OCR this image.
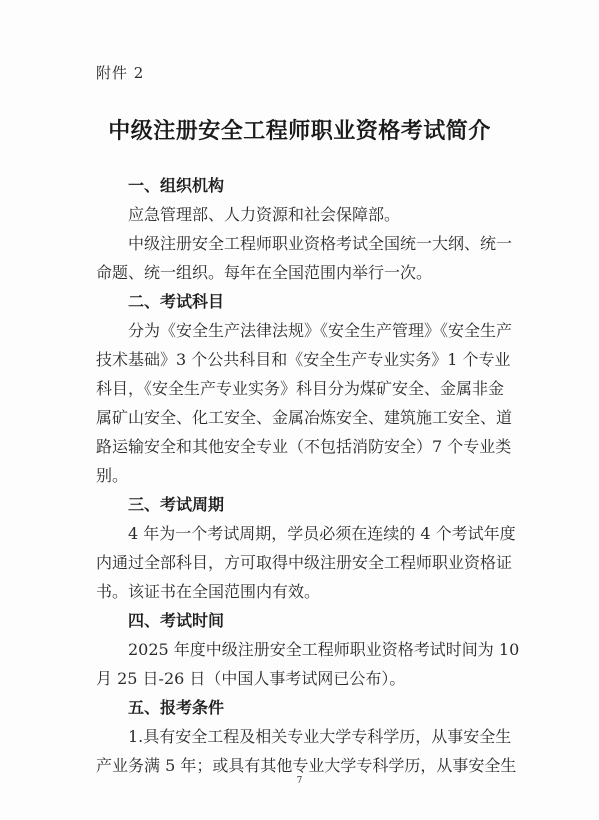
附件 2
中级注册安全工程师职业资格考试简介
一、组织机构
应急管理部、人力资源和社会保障部。
中级注册安全工程师职业资格考试全国统一大纲、统一
命题、统一组织。每年在全国范围内举行一次。
二、考试科目
分为《安全生产法律法规》《安全生产管理》《安全生产
技术基础》3 个公共科目和《安全生产专业实务》1 个专业
科目，《安全生产专业实务》科目分为煤矿安全、金属非金
属矿山安全、化工安全、金属冶炼安全、建筑施工安全、道
路运输安全和其他安全专业（不包括消防安全）7 个专业类
别。
三、考试周期
4 年为一个考试周期，学员必须在连续的 4 个考试年度
内通过全部科目，方可取得中级注册安全工程师职业资格证
书。该证书在全国范围内有效。
四、考试时间
2025 年度中级注册安全工程师职业资格考试时间为 10
月 25 日-26 日（中国人事考试网已公布）。
五、报考条件
1.具有安全工程及相关专业大学专科学历，从事安全生
产业务满 5 年；或具有其他专业大学专科学历，从事安全生
7
